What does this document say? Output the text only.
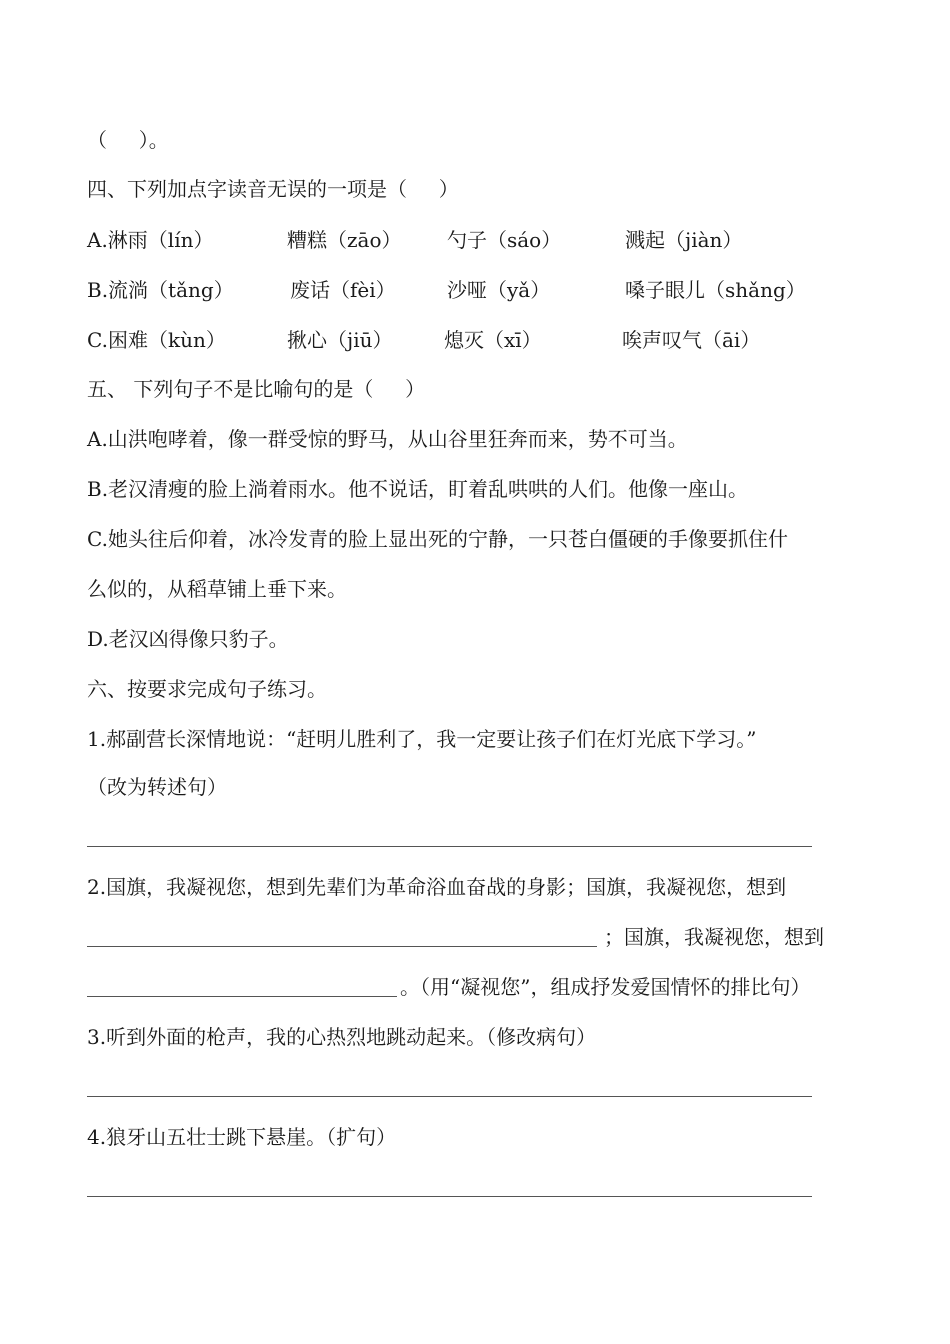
（     ）。
四、下列加点字读音无误的一项是（     ）
A.淋雨（lín）	糟糕（zāo） 勺子（sáo）	溅起（jiàn）
B.流淌（tǎng）	废话（fèi）	沙哑（yǎ）	嗓子眼儿（shǎng）
C.困难（kùn）	揪心（jiū）	熄灭（xī）	唉声叹气（āi）
五、 下列句子不是比喻句的是（     ）
A.山洪咆哮着，像一群受惊的野马，从山谷里狂奔而来，势不可当。
B.老汉清瘦的脸上淌着雨水。他不说话，盯着乱哄哄的人们。他像一座山。
C.她头往后仰着，冰冷发青的脸上显出死的宁静，一只苍白僵硬的手像要抓住什
么似的，从稻草铺上垂下来。
D.老汉凶得像只豹子。
六、按要求完成句子练习。
1.郝副营长深情地说：“赶明儿胜利了，我一定要让孩子们在灯光底下学习。”
（改为转述句）
2.国旗，我凝视您，想到先辈们为革命浴血奋战的身影；国旗，我凝视您，想到
；国旗，我凝视您，想到
。（用“凝视您”，组成抒发爱国情怀的排比句）
3.听到外面的枪声，我的心热烈地跳动起来。（修改病句）
4.狼牙山五壮士跳下悬崖。（扩句）
